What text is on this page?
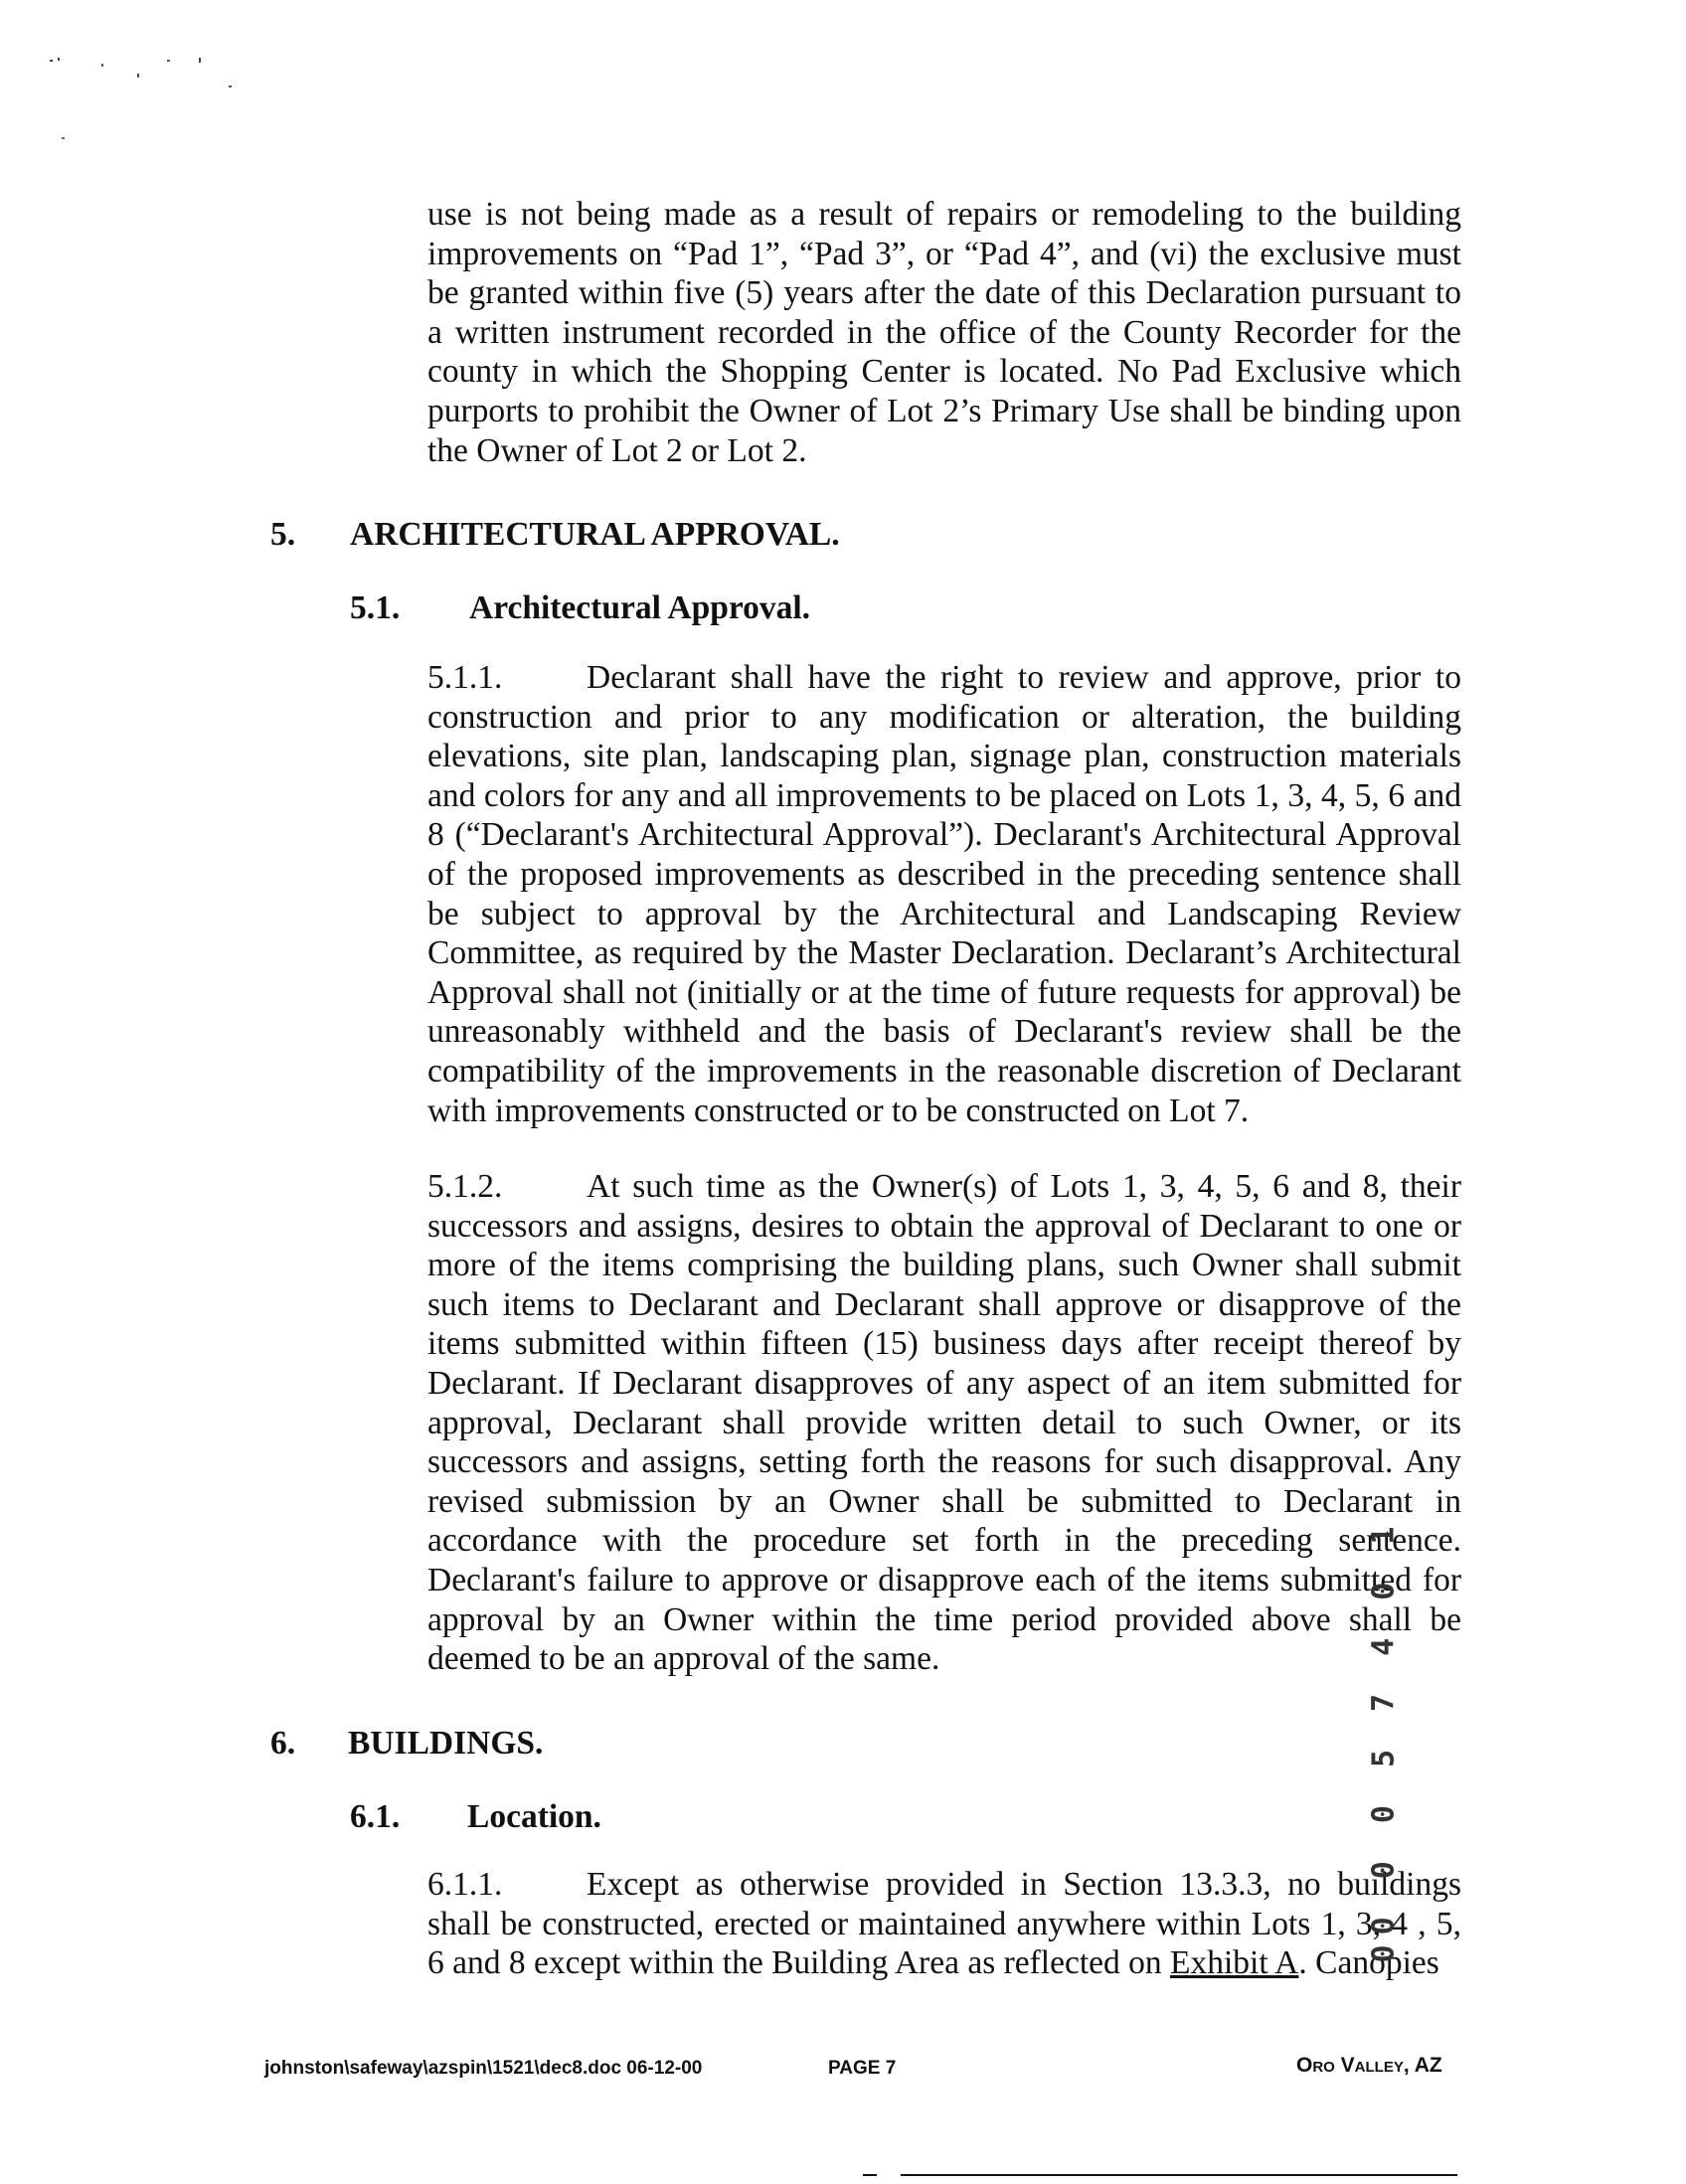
use is not being made as a result of repairs or remodeling to the building improvements on “Pad 1”, “Pad 3”, or “Pad 4”, and (vi) the exclusive must be granted within five (5) years after the date of this Declaration pursuant to a written instrument recorded in the office of the County Recorder for the county in which the Shopping Center is located. No Pad Exclusive which purports to prohibit the Owner of Lot 2’s Primary Use shall be binding upon the Owner of Lot 2 or Lot 2.

5. ARCHITECTURAL APPROVAL.
5.1. Architectural Approval.

5.1.1.	Declarant shall have the right to review and approve, prior to construction and prior to any modification or alteration, the building elevations, site plan, landscaping plan, signage plan, construction materials and colors for any and all improvements to be placed on Lots 1, 3, 4, 5, 6 and 8 (“Declarant's Architectural Approval”). Declarant's Architectural Approval of the proposed improvements as described in the preceding sentence shall be subject to approval by the Architectural and Landscaping Review Committee, as required by the Master Declaration. Declarant’s Architectural Approval shall not (initially or at the time of future requests for approval) be unreasonably withheld and the basis of Declarant's review shall be the compatibility of the improvements in the reasonable discretion of Declarant with improvements constructed or to be constructed on Lot 7.

5.1.2.	At such time as the Owner(s) of Lots 1, 3, 4, 5, 6 and 8, their successors and assigns, desires to obtain the approval of Declarant to one or more of the items comprising the building plans, such Owner shall submit such items to Declarant and Declarant shall approve or disapprove of the items submitted within fifteen (15) business days after receipt thereof by Declarant. If Declarant disapproves of any aspect of an item submitted for approval, Declarant shall provide written detail to such Owner, or its successors and assigns, setting forth the reasons for such disapproval. Any revised submission by an Owner shall be submitted to Declarant in accordance with the procedure set forth in the preceding sentence. Declarant's failure to approve or disapprove each of the items submitted for approval by an Owner within the time period provided above shall be deemed to be an approval of the same.

6. BUILDINGS.
6.1. Location.

6.1.1.	Except as otherwise provided in Section 13.3.3, no buildings shall be constructed, erected or maintained anywhere within Lots 1, 3, 4 , 5, 6 and 8 except within the Building Area as reflected on Exhibit A. Canopies

00 0 0 5 7 4 0 1
johnston\safeway\azspin\1521\dec8.doc 06-12-00	PAGE 7	Oro Valley, AZ
